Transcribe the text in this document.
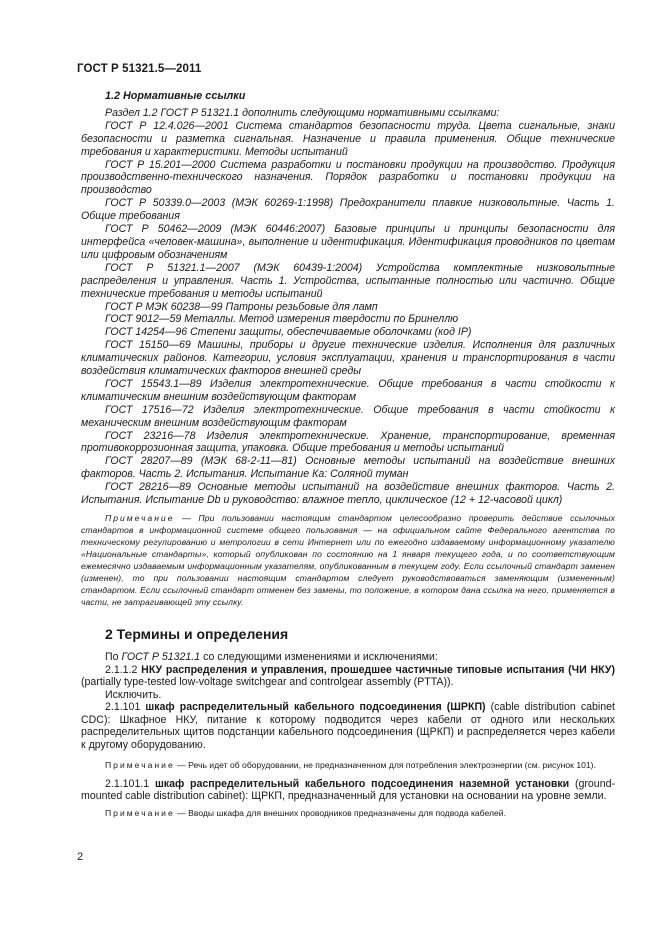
ГОСТ Р 51321.5—2011
1.2 Нормативные ссылки

Раздел 1.2 ГОСТ Р 51321.1 дополнить следующими нормативными ссылками:

ГОСТ Р 12.4.026—2001 Система стандартов безопасности труда. Цвета сигнальные, знаки безопасности и разметка сигнальная. Назначение и правила применения. Общие технические требования и характеристики. Методы испытаний

ГОСТ Р 15.201—2000 Система разработки и постановки продукции на производство. Продукция производственно-технического назначения. Порядок разработки и постановки продукции на производство

ГОСТ Р 50339.0—2003 (МЭК 60269-1:1998) Предохранители плавкие низковольтные. Часть 1. Общие требования

ГОСТ Р 50462—2009 (МЭК 60446:2007) Базовые принципы и принципы безопасности для интерфейса «человек-машина», выполнение и идентификация. Идентификация проводников по цветам или цифровым обозначениям

ГОСТ Р 51321.1—2007 (МЭК 60439-1:2004) Устройства комплектные низковольтные распределения и управления. Часть 1. Устройства, испытанные полностью или частично. Общие технические требования и методы испытаний

ГОСТ Р МЭК 60238—99 Патроны резьбовые для ламп

ГОСТ 9012—59 Металлы. Метод измерения твердости по Бринеллю

ГОСТ 14254—96 Степени защиты, обеспечиваемые оболочками (код IP)

ГОСТ 15150—69 Машины, приборы и другие технические изделия. Исполнения для различных климатических районов. Категории, условия эксплуатации, хранения и транспортирования в части воздействия климатических факторов внешней среды

ГОСТ 15543.1—89 Изделия электротехнические. Общие требования в части стойкости к климатическим внешним воздействующим факторам

ГОСТ 17516—72 Изделия электротехнические. Общие требования в части стойкости к механическим внешним воздействующим факторам

ГОСТ 23216—78 Изделия электротехнические. Хранение, транспортирование, временная противокоррозионная защита, упаковка. Общие требования и методы испытаний

ГОСТ 28207—89 (МЭК 68-2-11—81) Основные методы испытаний на воздействие внешних факторов. Часть 2. Испытания. Испытание Ка: Соляной туман

ГОСТ 28216—89 Основные методы испытаний на воздействие внешних факторов. Часть 2. Испытания. Испытание Db и руководство: влажное тепло, циклическое (12 + 12-часовой цикл)

Примечание — При пользовании настоящим стандартом целесообразно проверить действие ссылочных стандартов в информационной системе общего пользования — на официальном сайте Федерального агентства по техническому регулированию и метрологии в сети Интернет или по ежегодно издаваемому информационному указателю «Национальные стандарты», который опубликован по состоянию на 1 января текущего года, и по соответствующим ежемесячно издаваемым информационным указателям, опубликованным в текущем году. Если ссылочный стандарт заменен (изменен), то при пользовании настоящим стандартом следует руководствоваться заменяющим (измененным) стандартом. Если ссылочный стандарт отменен без замены, то положение, в котором дана ссылка на него, применяется в части, не затрагивающей эту ссылку.

2 Термины и определения

По ГОСТ Р 51321.1 со следующими изменениями и исключениями:

2.1.1.2 НКУ распределения и управления, прошедшее частичные типовые испытания (ЧИ НКУ) (partially type-tested low-voltage switchgear and controlgear assembly (PTTA)).

Исключить.

2.1.101 шкаф распределительный кабельного подсоединения (ШРКП) (cable distribution cabinet CDC): Шкафное НКУ, питание к которому подводится через кабели от одного или нескольких распределительных щитов подстанции кабельного подсоединения (ЩРКП) и распределяется через кабели к другому оборудованию.

Примечание — Речь идет об оборудовании, не предназначенном для потребления электроэнергии (см. рисунок 101).

2.1.101.1 шкаф распределительный кабельного подсоединения наземной установки (ground-mounted cable distribution cabinet): ЩРКП, предназначенный для установки на основании на уровне земли.

Примечание — Вводы шкафа для внешних проводников предназначены для подвода кабелей.

2
